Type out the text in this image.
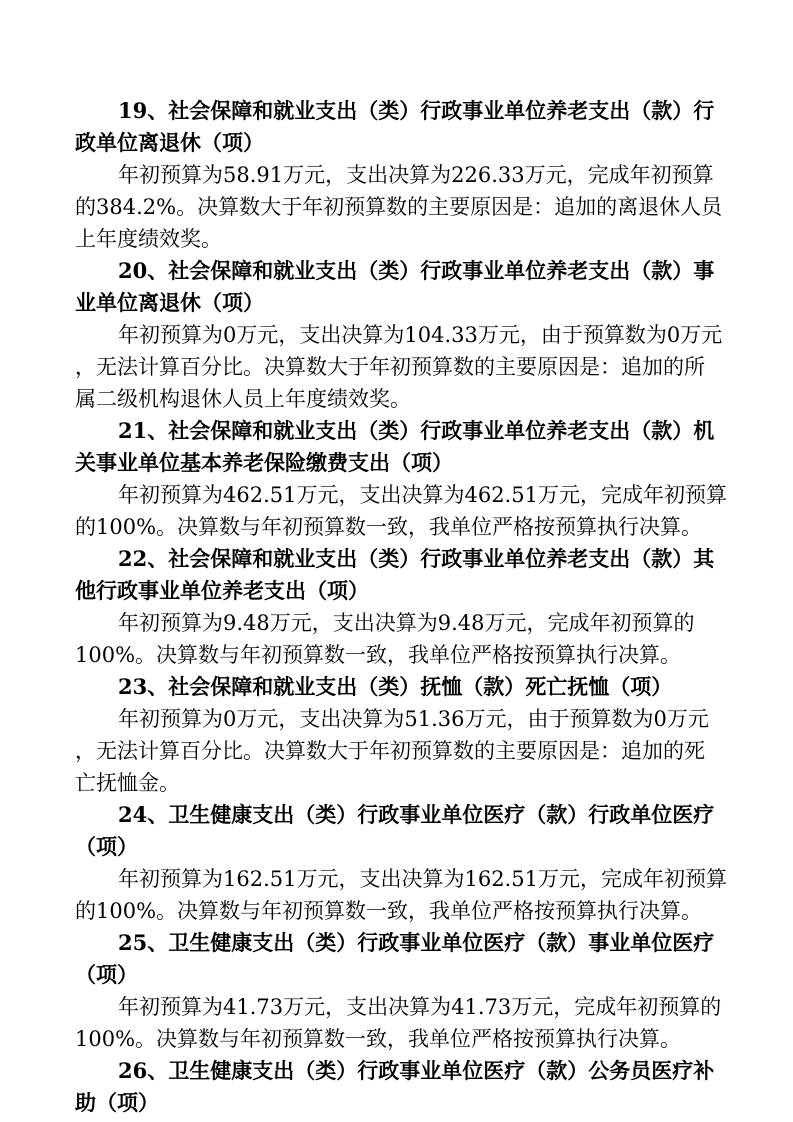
19、社会保障和就业支出（类）行政事业单位养老支出（款）行
政单位离退休（项）
年初预算为58.91万元，支出决算为226.33万元，完成年初预算
的384.2%。决算数大于年初预算数的主要原因是：追加的离退休人员
上年度绩效奖。
20、社会保障和就业支出（类）行政事业单位养老支出（款）事
业单位离退休（项）
年初预算为0万元，支出决算为104.33万元，由于预算数为0万元
，无法计算百分比。决算数大于年初预算数的主要原因是：追加的所
属二级机构退休人员上年度绩效奖。
21、社会保障和就业支出（类）行政事业单位养老支出（款）机
关事业单位基本养老保险缴费支出（项）
年初预算为462.51万元，支出决算为462.51万元，完成年初预算
的100%。决算数与年初预算数一致，我单位严格按预算执行决算。
22、社会保障和就业支出（类）行政事业单位养老支出（款）其
他行政事业单位养老支出（项）
年初预算为9.48万元，支出决算为9.48万元，完成年初预算的
100%。决算数与年初预算数一致，我单位严格按预算执行决算。
23、社会保障和就业支出（类）抚恤（款）死亡抚恤（项）
年初预算为0万元，支出决算为51.36万元，由于预算数为0万元
，无法计算百分比。决算数大于年初预算数的主要原因是：追加的死
亡抚恤金。
24、卫生健康支出（类）行政事业单位医疗（款）行政单位医疗
（项）
年初预算为162.51万元，支出决算为162.51万元，完成年初预算
的100%。决算数与年初预算数一致，我单位严格按预算执行决算。
25、卫生健康支出（类）行政事业单位医疗（款）事业单位医疗
（项）
年初预算为41.73万元，支出决算为41.73万元，完成年初预算的
100%。决算数与年初预算数一致，我单位严格按预算执行决算。
26、卫生健康支出（类）行政事业单位医疗（款）公务员医疗补
助（项）
